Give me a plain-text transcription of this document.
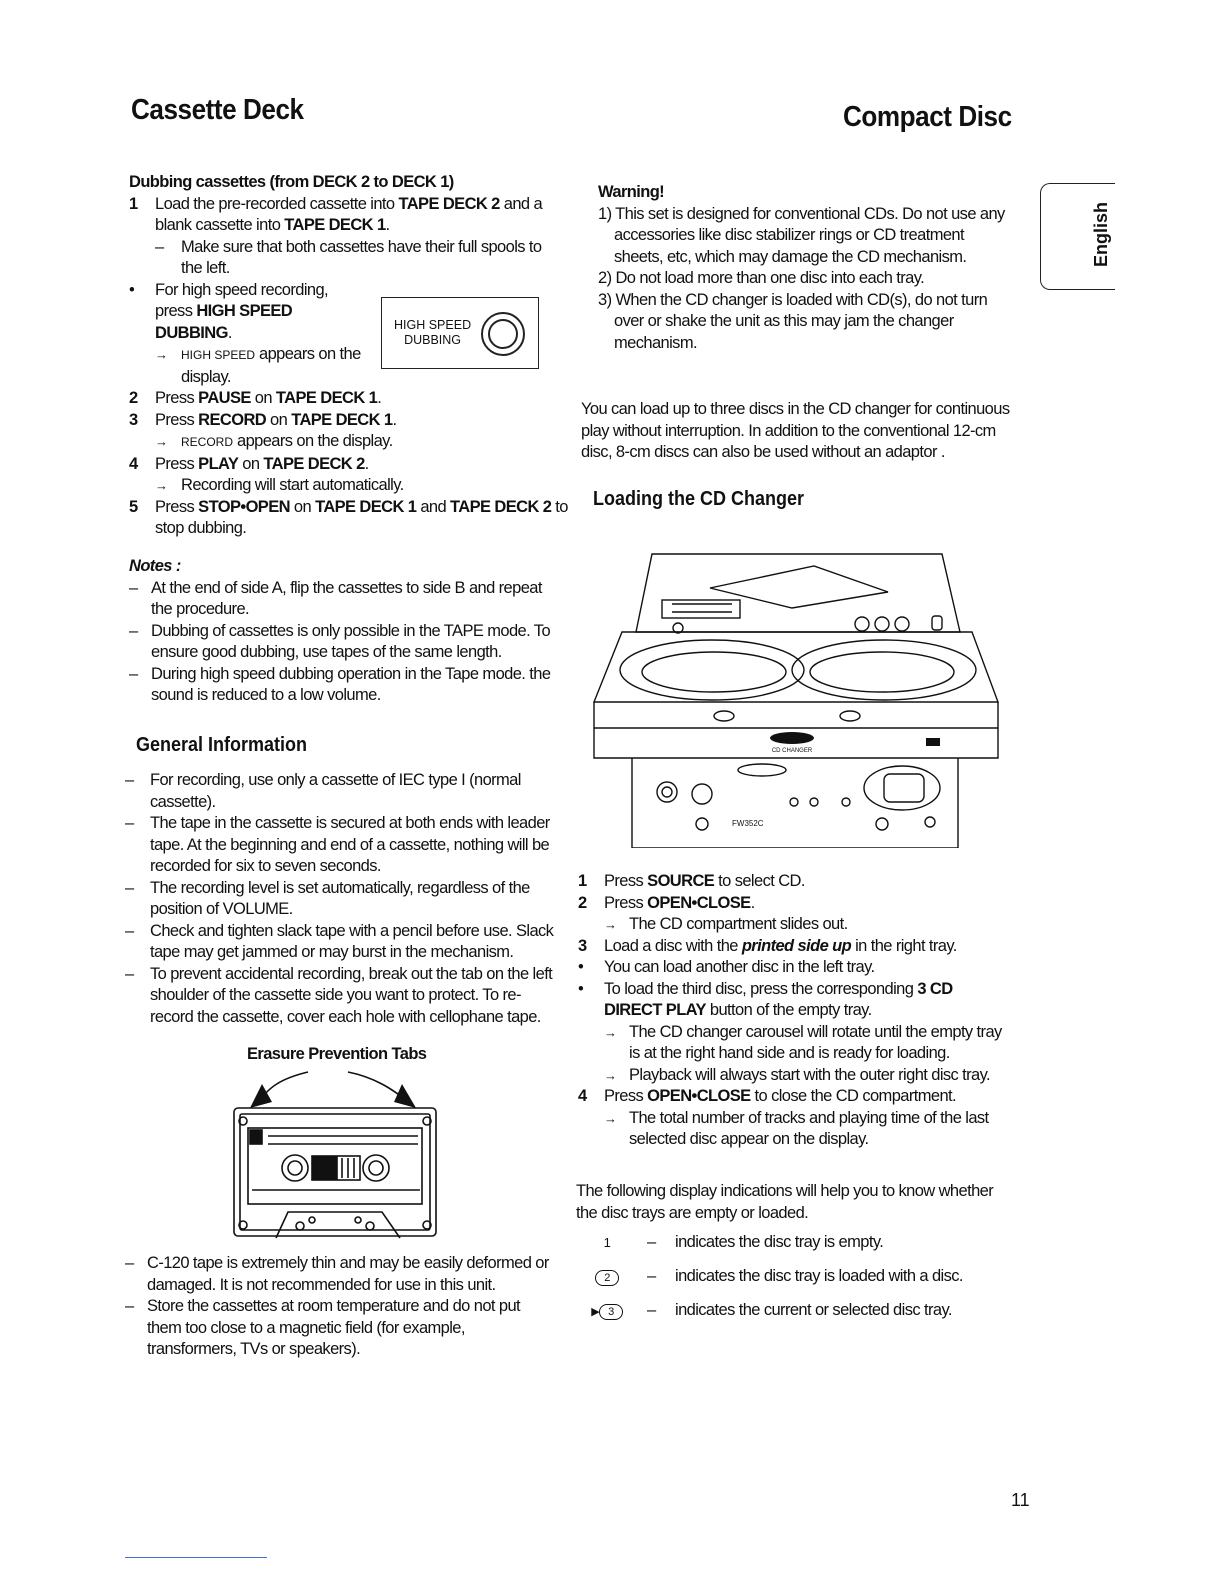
Cassette Deck	Compact Disc
English
Dubbing cassettes (from DECK 2 to DECK 1)
1 Load the pre-recorded cassette into TAPE DECK 2 and a
blank cassette into TAPE DECK 1.
– Make sure that both cassettes have their full spools to
the left.
• For high speed recording,
press HIGH SPEED
DUBBING.
→ HIGH SPEED appears on the
display.
2 Press PAUSE on TAPE DECK 1.
3 Press RECORD on TAPE DECK 1.
→ RECORD appears on the display.
4 Press PLAY on TAPE DECK 2.
→ Recording will start automatically.
5 Press STOP•OPEN on TAPE DECK 1 and TAPE DECK 2 to
stop dubbing.
HIGH SPEED
DUBBING
Notes :
– At the end of side A, flip the cassettes to side B and repeat
the procedure.
– Dubbing of cassettes is only possible in the TAPE mode. To
ensure good dubbing, use tapes of the same length.
– During high speed dubbing operation in the Tape mode. the
sound is reduced to a low volume.
General Information
– For recording, use only a cassette of IEC type I (normal
cassette).
– The tape in the cassette is secured at both ends with leader
tape. At the beginning and end of a cassette, nothing will be
recorded for six to seven seconds.
– The recording level is set automatically, regardless of the
position of VOLUME.
– Check and tighten slack tape with a pencil before use. Slack
tape may get jammed or may burst in the mechanism.
– To prevent accidental recording, break out the tab on the left
shoulder of the cassette side you want to protect. To re-
record the cassette, cover each hole with cellophane tape.
Erasure Prevention Tabs
– C-120 tape is extremely thin and may be easily deformed or
damaged. It is not recommended for use in this unit.
– Store the cassettes at room temperature and do not put
them too close to a magnetic field (for example,
transformers, TVs or speakers).
Warning!
1) This set is designed for conventional CDs. Do not use any
accessories like disc stabilizer rings or CD treatment
sheets, etc, which may damage the CD mechanism.
2) Do not load more than one disc into each tray.
3) When the CD changer is loaded with CD(s), do not turn
over or shake the unit as this may jam the changer
mechanism.
You can load up to three discs in the CD changer for continuous
play without interruption. In addition to the conventional 12-cm
disc, 8-cm discs can also be used without an adaptor .
Loading the CD Changer
CD CHANGER
FW352C
1 Press SOURCE to select CD.
2 Press OPEN•CLOSE.
→ The CD compartment slides out.
3 Load a disc with the printed side up in the right tray.
• You can load another disc in the left tray.
• To load the third disc, press the corresponding 3 CD
DIRECT PLAY button of the empty tray.
→ The CD changer carousel will rotate until the empty tray
is at the right hand side and is ready for loading.
→ Playback will always start with the outer right disc tray.
4 Press OPEN•CLOSE to close the CD compartment.
→ The total number of tracks and playing time of the last
selected disc appear on the display.
The following display indications will help you to know whether
the disc trays are empty or loaded.
1	– indicates the disc tray is empty.
2	– indicates the disc tray is loaded with a disc.
▶ 3	– indicates the current or selected disc tray.
11
